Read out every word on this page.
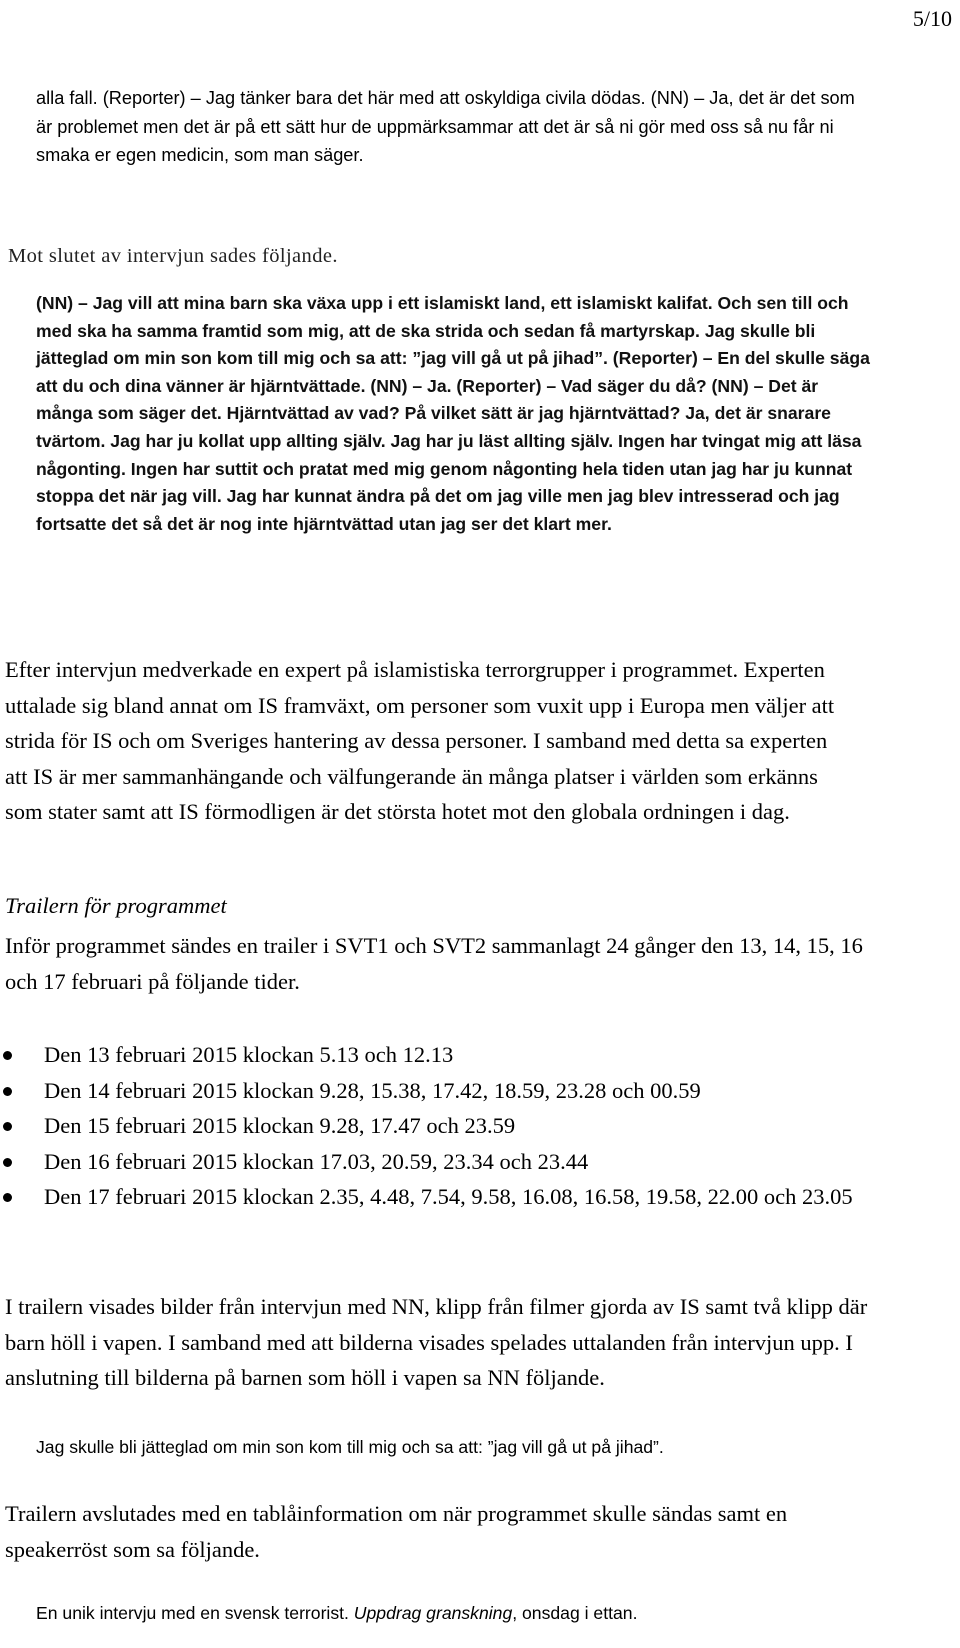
5/10

alla fall. (Reporter) – Jag tänker bara det här med att oskyldiga civila dödas. (NN) – Ja, det är det som är problemet men det är på ett sätt hur de uppmärksammar att det är så ni gör med oss så nu får ni smaka er egen medicin, som man säger.

Mot slutet av intervjun sades följande.

(NN) – Jag vill att mina barn ska växa upp i ett islamiskt land, ett islamiskt kalifat. Och sen till och med ska ha samma framtid som mig, att de ska strida och sedan få martyrskap. Jag skulle bli jätteglad om min son kom till mig och sa att: ”jag vill gå ut på jihad”. (Reporter) – En del skulle säga att du och dina vänner är hjärntvättade. (NN) – Ja. (Reporter) – Vad säger du då? (NN) – Det är många som säger det. Hjärntvättad av vad? På vilket sätt är jag hjärntvättad? Ja, det är snarare tvärtom. Jag har ju kollat upp allting själv. Jag har ju läst allting själv. Ingen har tvingat mig att läsa någonting. Ingen har suttit och pratat med mig genom någonting hela tiden utan jag har ju kunnat stoppa det när jag vill. Jag har kunnat ändra på det om jag ville men jag blev intresserad och jag fortsatte det så det är nog inte hjärntvättad utan jag ser det klart mer.

Efter intervjun medverkade en expert på islamistiska terrorgrupper i programmet. Experten uttalade sig bland annat om IS framväxt, om personer som vuxit upp i Europa men väljer att strida för IS och om Sveriges hantering av dessa personer. I samband med detta sa experten att IS är mer sammanhängande och välfungerande än många platser i världen som erkänns som stater samt att IS förmodligen är det största hotet mot den globala ordningen i dag.

Trailern för programmet

Inför programmet sändes en trailer i SVT1 och SVT2 sammanlagt 24 gånger den 13, 14, 15, 16 och 17 februari på följande tider.

Den 13 februari 2015 klockan 5.13 och 12.13
Den 14 februari 2015 klockan 9.28, 15.38, 17.42, 18.59, 23.28 och 00.59
Den 15 februari 2015 klockan 9.28, 17.47 och 23.59
Den 16 februari 2015 klockan 17.03, 20.59, 23.34 och 23.44
Den 17 februari 2015 klockan 2.35, 4.48, 7.54, 9.58, 16.08, 16.58, 19.58, 22.00 och 23.05

I trailern visades bilder från intervjun med NN, klipp från filmer gjorda av IS samt två klipp där barn höll i vapen. I samband med att bilderna visades spelades uttalanden från intervjun upp. I anslutning till bilderna på barnen som höll i vapen sa NN följande.

Jag skulle bli jätteglad om min son kom till mig och sa att: ”jag vill gå ut på jihad”.

Trailern avslutades med en tablåinformation om när programmet skulle sändas samt en speakerröst som sa följande.

En unik intervju med en svensk terrorist. Uppdrag granskning, onsdag i ettan.
